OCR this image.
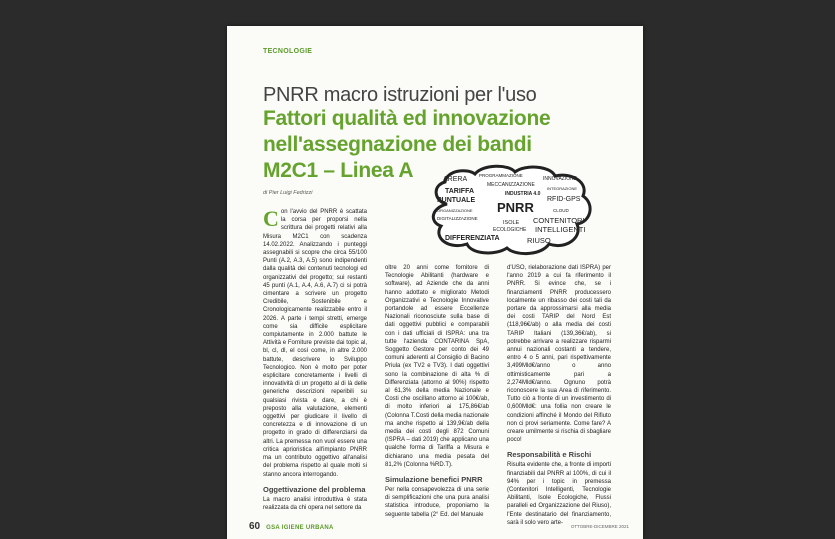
TECNOLOGIE
PNRR macro istruzioni per l'uso
Fattori qualità ed innovazione
nell'assegnazione dei bandi
M2C1 – Linea A
di Pier Luigi Fedrizzi
ARERA
PROGRAMMAZIONE
INNOVAZIONE
MECCANIZZAZIONE
INTEGRAZIONE
TARIFFA	INDUSTRIA 4.0
PUNTUALE	RFID-GPS
ORGANIZZAZIONE PNRR	CLOUD
DIGITALIZZAZIONE	CONTENITORI
INTELLIGENTI
ISOLE
ECOLOGICHE
DIFFERENZIATA	RIUSO
Con l'avvio del PNRR è scattata la corsa per proporsi nella scrittura dei progetti relativi alla Misura M2C1 con scadenza 14.02.2022. Analizzando i punteggi assegnabili si scopre che circa 55/100 Punti (A.2, A.3, A.5) sono indipendenti dalla qualità dei contenuti tecnologi ed organizzativi del progetto; sui restanti 45 punti (A.1, A.4, A.6, A.7) ci si potrà cimentare a scrivere un progetto Credibile, Sostenibile e Cronologicamente realizzabile entro il 2026. A parte i tempi stretti, emerge come sia difficile esplicitare compiutamente in 2.000 battute le Attività e Forniture previste dai topic al, bl, cl, dl, el così come, in altre 2.000 battute, descrivere lo Sviluppo Tecnologico. Non è molto per poter esplicitare concretamente i livelli di innovatività di un progetto al di là delle generiche descrizioni reperibili su qualsiasi rivista e dare, a chi è preposto alla valutazione, elementi oggettivi per giudicare il livello di concretezza e di innovazione di un progetto in grado di differenziarsi da altri. La premessa non vuol essere una critica aprioristica all'impianto PNRR ma un contributo oggettivo all'analisi del problema rispetto al quale molti si stanno ancora interrogando.
Oggettivazione del problema
La macro analisi introduttiva è stata realizzata da chi opera nel settore da
oltre 20 anni come fornitore di Tecnologie Abilitanti (hardware e software), ad Aziende che da anni hanno adottato e migliorato Metodi Organizzativi e Tecnologie Innovative portandole ad essere Eccellenze Nazionali riconosciute sulla base di dati oggettivi pubblici e comparabili con i dati ufficiali di ISPRA: una tra tutte l'azienda CONTARINA SpA, Soggetto Gestore per conto dei 49 comuni aderenti al Consiglio di Bacino Priula (ex TV2 e TV3). I dati oggettivi sono la combinazione di alta % di Differenziata (attorno al 90%) rispetto al 61,3% della media Nazionale e Costi che oscillano attorno ai 100€/ab, di molto inferiori ai 175,86€/ab (Colonna T.Costi della media nazionale ma anche rispetto ai 139,9€/ab della media dei costi degli 872 Comuni (ISPRA – dati 2019) che applicano una qualche forma di Tariffa a Misura e dichiarano una media pesata del 81,2% (Colonna %RD.T).
Simulazione benefici PNRR
Per nella consapevolezza di una serie di semplificazioni che una pura analisi statistica introduce, proponiamo la seguente tabella (2° Ed. del Manuale
d'USO, rielaborazione dati ISPRA) per l'anno 2019 a cui fa riferimento il PNRR. Si evince che, se i finanziamenti PNRR producessero localmente un ribasso dei costi tali da portare da approssimarsi alla media dei costi TARIP del Nord Est (118,96€/ab) o alla media dei costi TARIP Italiani (139,36€/ab), si potrebbe arrivare a realizzare risparmi annui nazionali costanti a tendere, entro 4 o 5 anni, pari rispettivamente 3,499Mld€/anno o anno ottimisticamente pari a 2,274Mld€/anno. Ognuno potrà riconoscere la sua Area di riferimento. Tutto ciò a fronte di un investimento di 0,600Mld€: una follia non creare le condizioni affinché il Mondo del Rifiuto non ci provi seriamente. Come fare? A creare umilmente si rischia di sbagliare poco!
Responsabilità e Rischi
Risulta evidente che, a fronte di importi finanziabili dal PNRR al 100%, di cui il 94% per i topic in premessa (Contenitori Intelligenti, Tecnologie Abilitanti, Isole Ecologiche, Flussi paralleli ed Organizzazione del Riuso), l'Ente destinatario del finanziamento, sarà il solo vero arte-
60 GSA IGIENE URBANA	OTTOBRE-DICEMBRE 2021
